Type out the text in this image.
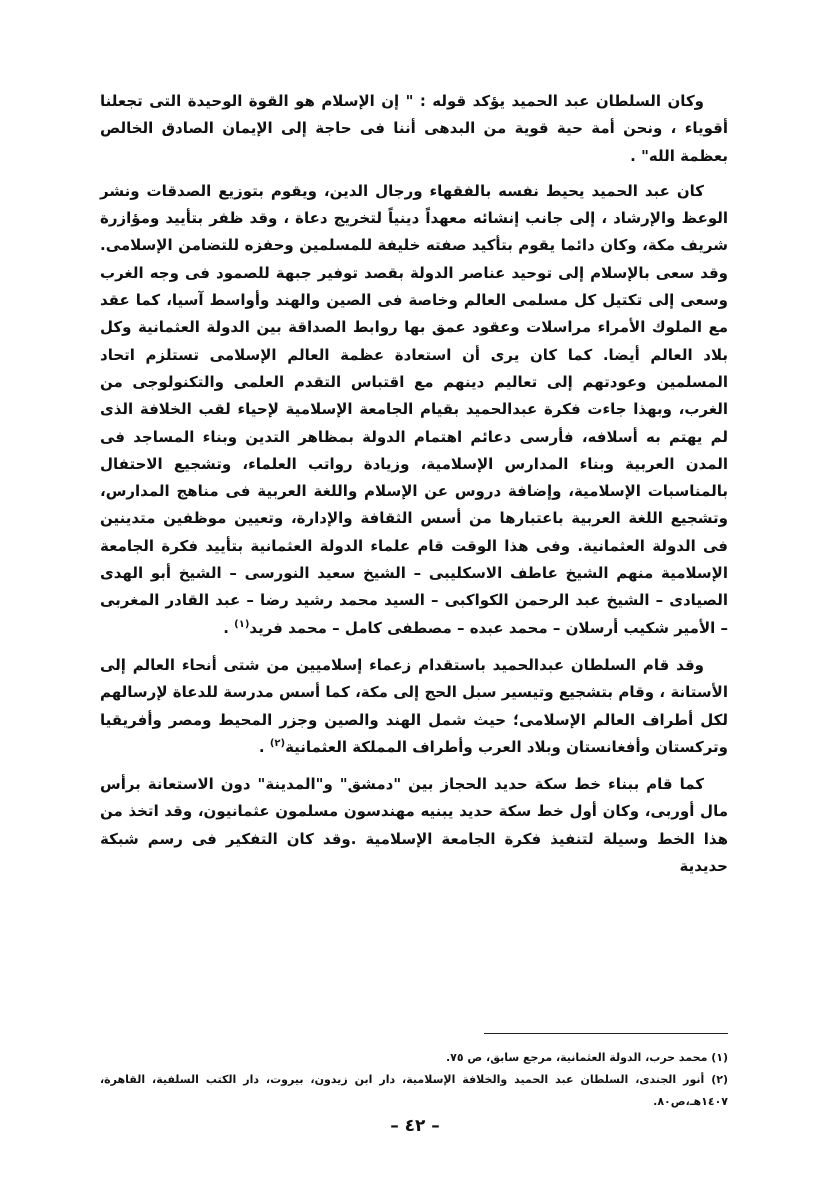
وكان السلطان عبد الحميد يؤكد قوله : " إن الإسلام هو القوة الوحيدة التى تجعلنا أقوياء ، ونحن أمة حية قوية من البدهى أننا فى حاجة إلى الإيمان الصادق الخالص بعظمة الله" .

كان عبد الحميد يحيط نفسه بالفقهاء ورجال الدين، ويقوم بتوزيع الصدقات ونشر الوعظ والإرشاد ، إلى جانب إنشائه معهداً دينياً لتخريج دعاة ، وقد ظفر بتأييد ومؤازرة شريف مكة، وكان دائما يقوم بتأكيد صفته خليفة للمسلمين وحفزه للتضامن الإسلامى. وقد سعى بالإسلام إلى توحيد عناصر الدولة بقصد توفير جبهة للصمود فى وجه الغرب وسعى إلى تكتيل كل مسلمى العالم وخاصة فى الصين والهند وأواسط آسيا، كما عقد مع الملوك الأمراء مراسلات وعقود عمق بها روابط الصداقة بين الدولة العثمانية وكل بلاد العالم أيضا. كما كان يرى أن استعادة عظمة العالم الإسلامى تستلزم اتحاد المسلمين وعودتهم إلى تعاليم دينهم مع اقتباس التقدم العلمى والتكنولوجى من الغرب، وبهذا جاءت فكرة عبدالحميد بقيام الجامعة الإسلامية لإحياء لقب الخلافة الذى لم يهتم به أسلافه، فأرسى دعائم اهتمام الدولة بمظاهر التدين وبناء المساجد فى المدن العربية وبناء المدارس الإسلامية، وزيادة رواتب العلماء، وتشجيع الاحتفال بالمناسبات الإسلامية، وإضافة دروس عن الإسلام واللغة العربية فى مناهج المدارس، وتشجيع اللغة العربية باعتبارها من أسس الثقافة والإدارة، وتعيين موظفين متدينين فى الدولة العثمانية. وفى هذا الوقت قام علماء الدولة العثمانية بتأييد فكرة الجامعة الإسلامية منهم الشيخ عاطف الاسكليبى – الشيخ سعيد النورسى – الشيخ أبو الهدى الصيادى – الشيخ عبد الرحمن الكواكبى – السيد محمد رشيد رضا – عبد القادر المغربى – الأمير شكيب أرسلان – محمد عبده – مصطفى كامل – محمد فريد$^{(١)}$ .

وقد قام السلطان عبدالحميد باستقدام زعماء إسلاميين من شتى أنحاء العالم إلى الأستانة ، وقام بتشجيع وتيسير سبل الحج إلى مكة، كما أسس مدرسة للدعاة لإرسالهم لكل أطراف العالم الإسلامى؛ حيث شمل الهند والصين وجزر المحيط ومصر وأفريقيا وتركستان وأفغانستان وبلاد العرب وأطراف المملكة العثمانية$^{(٢)}$ .

كما قام ببناء خط سكة حديد الحجاز بين "دمشق" و"المدينة" دون الاستعانة برأس مال أوربى، وكان أول خط سكة حديد يبنيه مهندسون مسلمون عثمانيون، وقد اتخذ من هذا الخط وسيلة لتنفيذ فكرة الجامعة الإسلامية .وقد كان التفكير فى رسم شبكة حديدية

(١) محمد حرب، الدولة العثمانية، مرجع سابق، ص ٧٥.
(٢) أنور الجندى، السلطان عبد الحميد والخلافة الإسلامية، دار ابن زيدون، بيروت، دار الكتب السلفية، القاهرة، ١٤٠٧هـ،ص٨٠.
– ٤٢ –
